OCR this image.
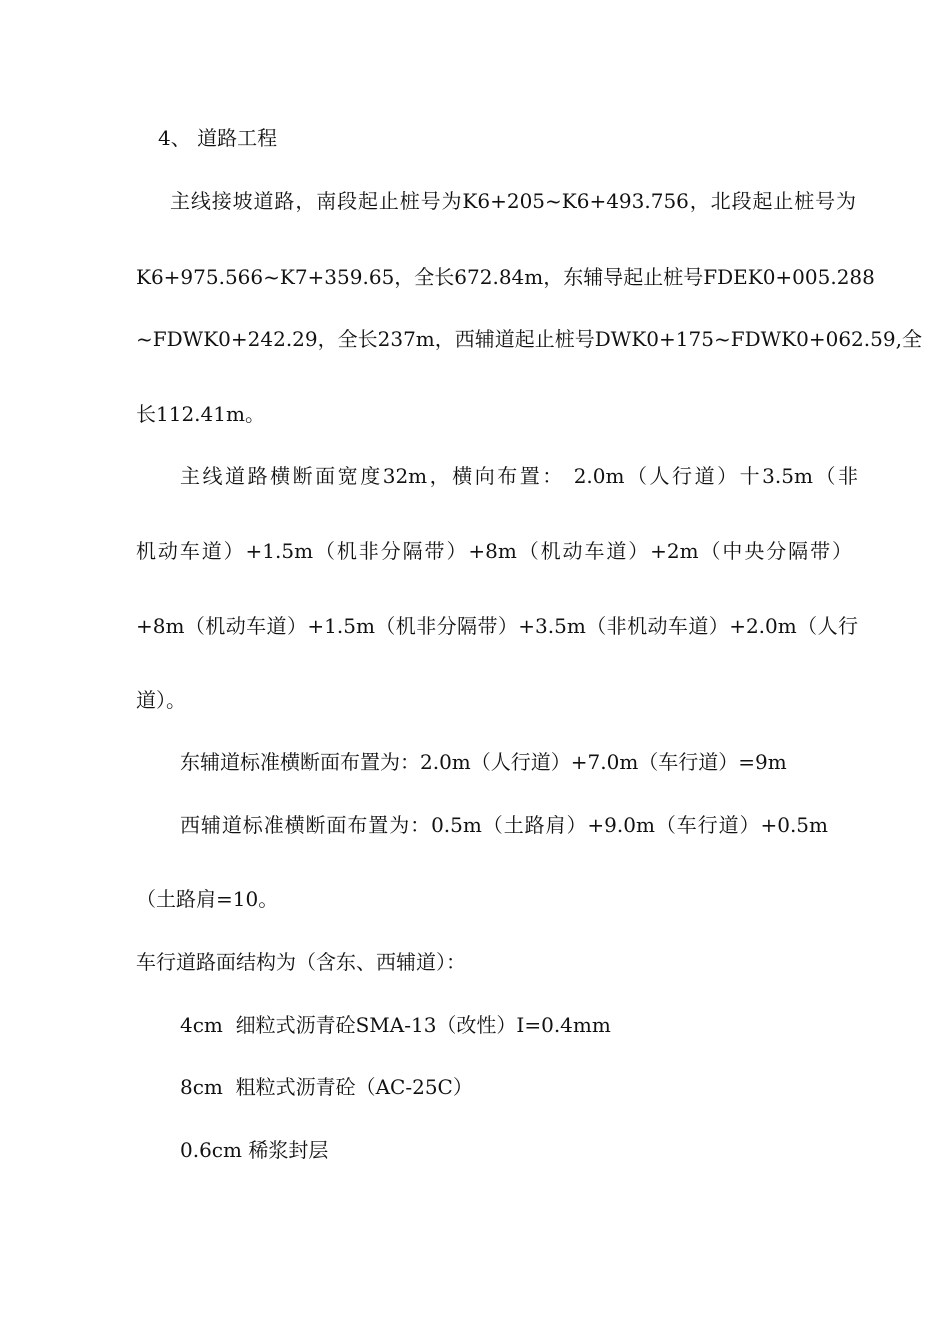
4、 道路工程

主线接坡道路，南段起止桩号为K6+205~K6+493.756，北段起止桩号为

K6+975.566~K7+359.65，全长672.84m，东辅导起止桩号FDEK0+005.288

~FDWK0+242.29，全长237m，西辅道起止桩号DWK0+175~FDWK0+062.59,全

长112.41m。

主线道路横断面宽度32m，横向布置： 2.0m（人行道）十3.5m（非

机动车道）+1.5m（机非分隔带）+8m（机动车道）+2m（中央分隔带）

+8m（机动车道）+1.5m（机非分隔带）+3.5m（非机动车道）+2.0m（人行

道）。

东辅道标准横断面布置为：2.0m（人行道）+7.0m（车行道）=9m

西辅道标准横断面布置为：0.5m（土路肩）+9.0m（车行道）+0.5m

（土路肩=10。

车行道路面结构为（含东、西辅道）：

4cm  细粒式沥青砼SMA-13（改性）I=0.4mm

8cm  粗粒式沥青砼（AC-25C）

0.6cm 稀浆封层
